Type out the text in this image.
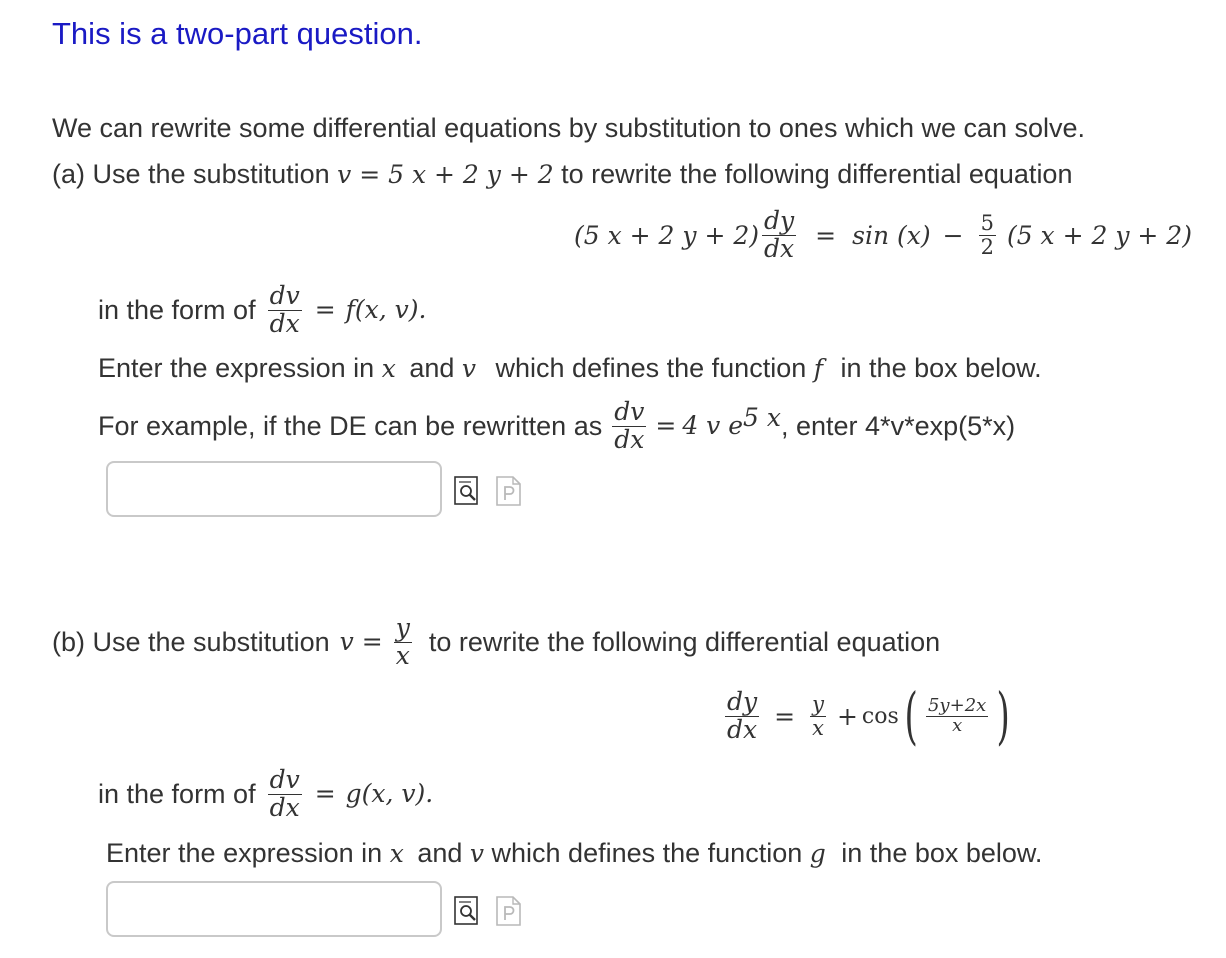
This is a two-part question.
We can rewrite some differential equations by substitution to ones which we can solve.
(a) Use the substitution v = 5 x + 2 y + 2 to rewrite the following differential equation
(5 x + 2 $y + 2) \frac{dy}{dx} = \sin (x) - \frac{5}{2} (5$ x + 2 y + 2)
in the form of $\frac{dv}{dx} = f(x$, v).
Enter the expression in x and v which defines the function f in the box below.
For example, if the DE can be rewritten as $\frac{dv}{dx} = 4$ v $e^{5 x}$ , enter 4*v*exp(5*x)
(b) Use the substitution $v = \frac{y}{x}$ to rewrite the following differential equation
$\frac{dy}{dx} = \frac{y}{x} + \cos$ ( $\frac{5y+2x}{x}$ )
in the form of $\frac{dv}{dx} = g(x$, v).
Enter the expression in x and v which defines the function g in the box below.
